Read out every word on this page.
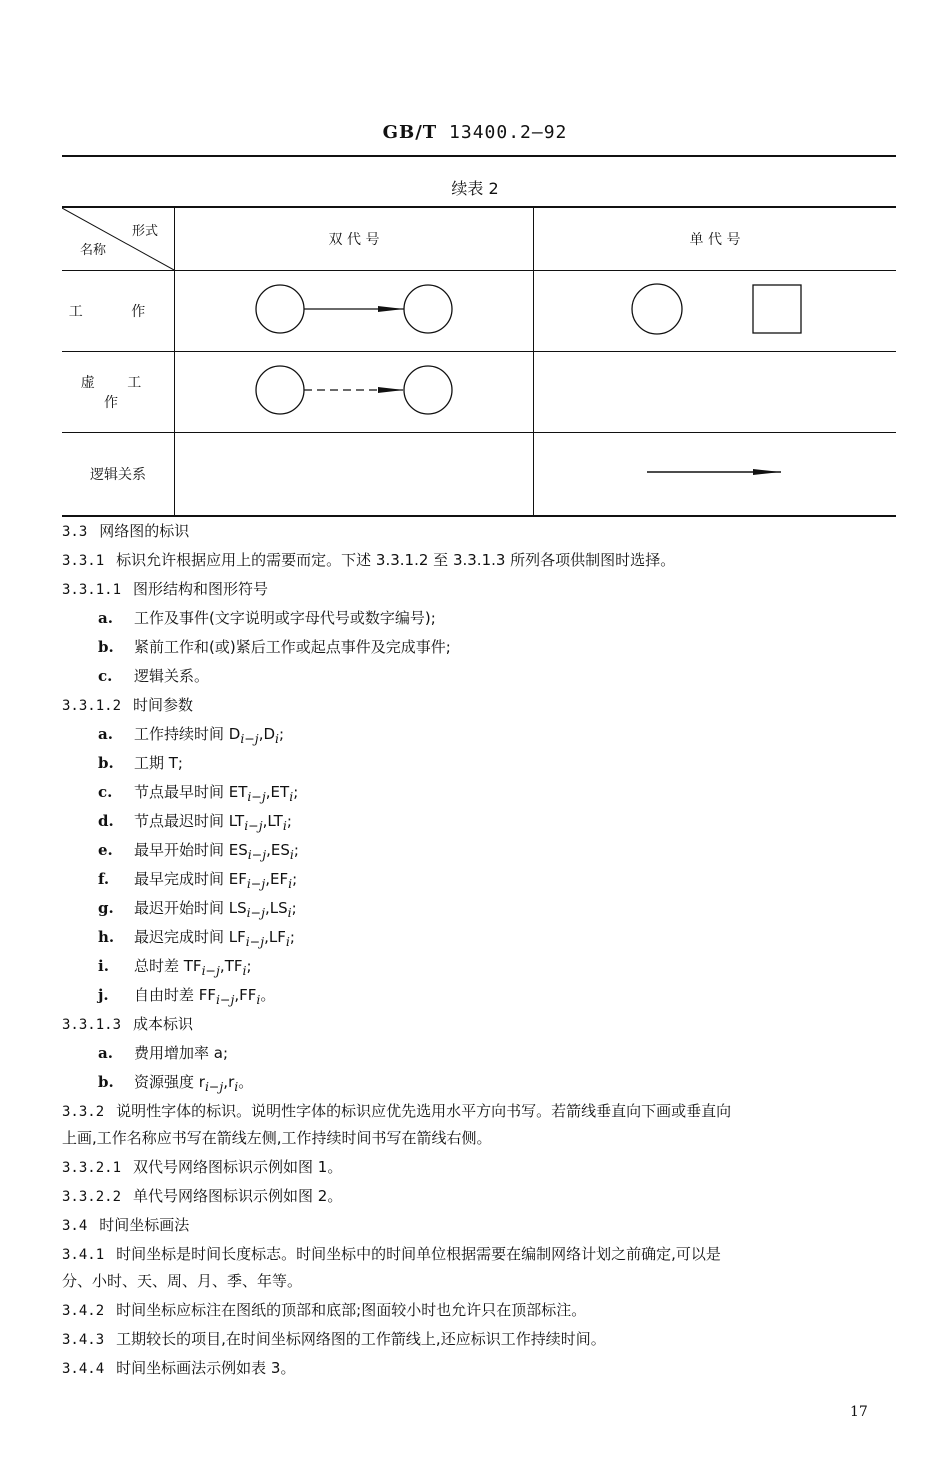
GB/T 13400.2—92
续表 2
形式
名称	双 代 号	单 代 号
工 作		
虚 工 作		
逻辑关系		
3.3 网络图的标识
3.3.1 标识允许根据应用上的需要而定。下述 3.3.1.2 至 3.3.1.3 所列各项供制图时选择。
3.3.1.1 图形结构和图形符号
a. 工作及事件(文字说明或字母代号或数字编号);
b. 紧前工作和(或)紧后工作或起点事件及完成事件;
c. 逻辑关系。
3.3.1.2 时间参数
a. 工作持续时间 $D_{i-j},D_i$;
b. 工期 T;
c. 节点最早时间 $ET_{i-j},ET_i$;
d. 节点最迟时间 $LT_{i-j},LT_i$;
e. 最早开始时间 $ES_{i-j},ES_i$;
f. 最早完成时间 $EF_{i-j},EF_i$;
g. 最迟开始时间 $LS_{i-j},LS_i$;
h. 最迟完成时间 $LF_{i-j},LF_i$;
i. 总时差 $TF_{i-j},TF_i$;
j. 自由时差 $FF_{i-j},FF_i$。
3.3.1.3 成本标识
a. 费用增加率 a;
b. 资源强度 $r_{i-j},r_i$。
3.3.2 说明性字体的标识。说明性字体的标识应优先选用水平方向书写。若箭线垂直向下画或垂直向
上画,工作名称应书写在箭线左侧,工作持续时间书写在箭线右侧。
3.3.2.1 双代号网络图标识示例如图 1。
3.3.2.2 单代号网络图标识示例如图 2。
3.4 时间坐标画法
3.4.1 时间坐标是时间长度标志。时间坐标中的时间单位根据需要在编制网络计划之前确定,可以是
分、小时、天、周、月、季、年等。
3.4.2 时间坐标应标注在图纸的顶部和底部;图面较小时也允许只在顶部标注。
3.4.3 工期较长的项目,在时间坐标网络图的工作箭线上,还应标识工作持续时间。
3.4.4 时间坐标画法示例如表 3。
17
